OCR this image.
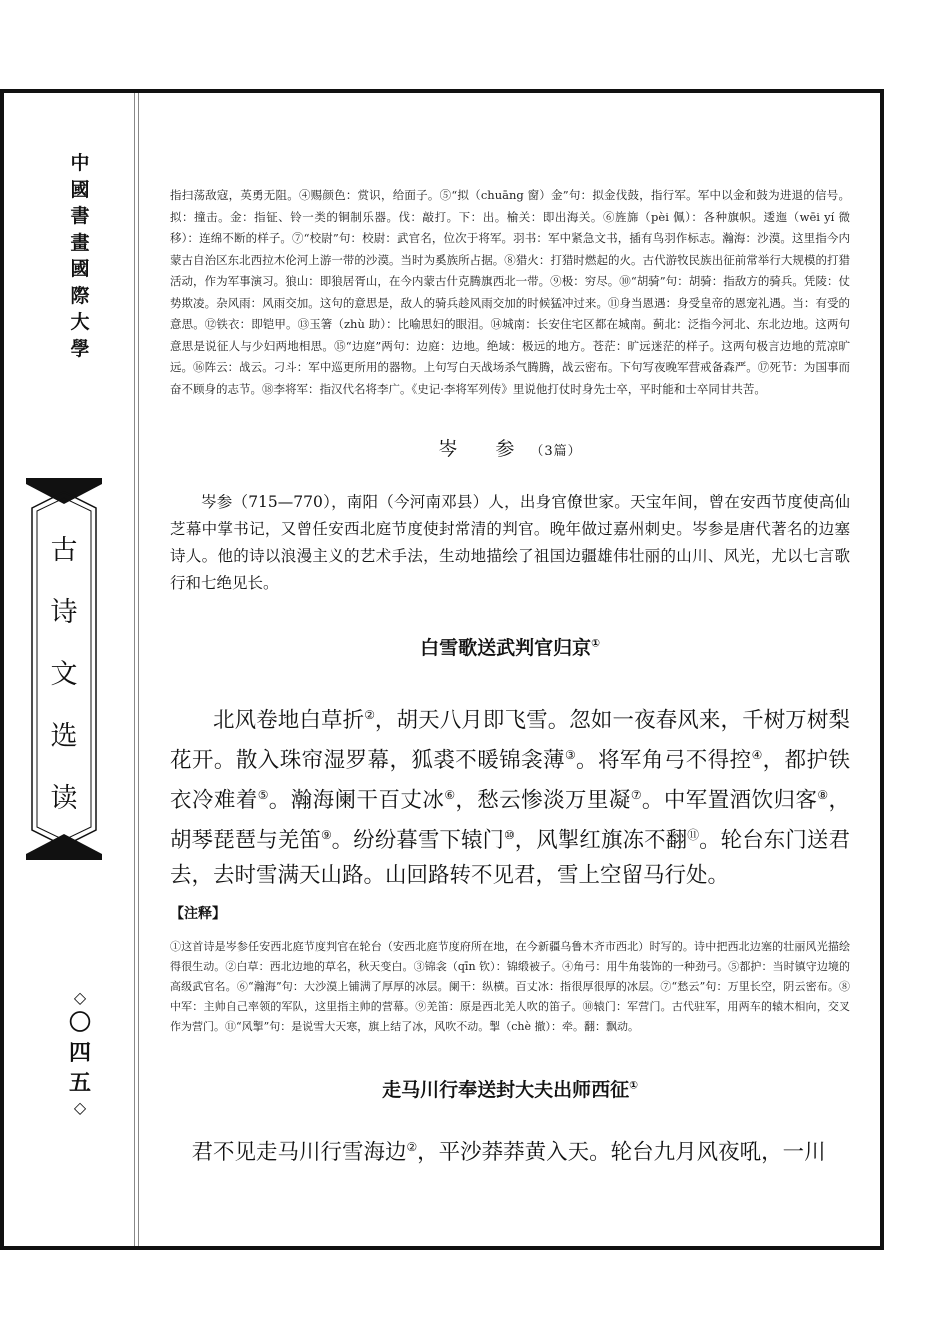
中
國
書
畫
國
際
大
學
古
诗
文
选
读
◇
〇
四
五
◇

指扫荡敌寇，英勇无阻。④赐颜色：赏识，给面子。⑤“拟（chuāng 窗）金”句：拟金伐鼓，指行军。军中以金和鼓为进退的信号。拟：撞击。金：指钲、铃一类的铜制乐器。伐：敲打。下：出。榆关：即出海关。⑥旌旆（pèi 佩）：各种旗帜。逶迤（wēi yí 微移）：连绵不断的样子。⑦“校尉”句：校尉：武官名，位次于将军。羽书：军中紧急文书，插有鸟羽作标志。瀚海：沙漠。这里指今内蒙古自治区东北西拉木伦河上游一带的沙漠。当时为奚族所占据。⑧猎火：打猎时燃起的火。古代游牧民族出征前常举行大规模的打猎活动，作为军事演习。狼山：即狼居胥山，在今内蒙古什克腾旗西北一带。⑨极：穷尽。⑩“胡骑”句：胡骑：指敌方的骑兵。凭陵：仗势欺凌。杂风雨：风雨交加。这句的意思是，敌人的骑兵趁风雨交加的时候猛冲过来。⑪身当恩遇：身受皇帝的恩宠礼遇。当：有受的意思。⑫铁衣：即铠甲。⑬玉箸（zhù 助）：比喻思妇的眼泪。⑭城南：长安住宅区都在城南。蓟北：泛指今河北、东北边地。这两句意思是说征人与少妇两地相思。⑮“边庭”两句：边庭：边地。绝域：极远的地方。苍茫：旷远迷茫的样子。这两句极言边地的荒凉旷远。⑯阵云：战云。刁斗：军中巡更所用的器物。上句写白天战场杀气腾腾，战云密布。下句写夜晚军营戒备森严。⑰死节：为国事而奋不顾身的志节。⑱李将军：指汉代名将李广。《史记·李将军列传》里说他打仗时身先士卒，平时能和士卒同甘共苦。

岑 参（3篇）
岑参（715—770），南阳（今河南邓县）人，出身官僚世家。天宝年间，曾在安西节度使高仙芝幕中掌书记，又曾任安西北庭节度使封常清的判官。晚年做过嘉州刺史。岑参是唐代著名的边塞诗人。他的诗以浪漫主义的艺术手法，生动地描绘了祖国边疆雄伟壮丽的山川、风光，尤以七言歌行和七绝见长。
白雪歌送武判官归京①
北风卷地白草折②，胡天八月即飞雪。忽如一夜春风来，千树万树梨花开。散入珠帘湿罗幕，狐裘不暖锦衾薄③。将军角弓不得控④，都护铁衣冷难着⑤。瀚海阑干百丈冰⑥，愁云惨淡万里凝⑦。中军置酒饮归客⑧，胡琴琵琶与羌笛⑨。纷纷暮雪下辕门⑩，风掣红旗冻不翻⑪。轮台东门送君去，去时雪满天山路。山回路转不见君，雪上空留马行处。
【注释】
①这首诗是岑参任安西北庭节度判官在轮台（安西北庭节度府所在地，在今新疆乌鲁木齐市西北）时写的。诗中把西北边塞的壮丽风光描绘得很生动。②白草：西北边地的草名，秋天变白。③锦衾（qīn 钦）：锦缎被子。④角弓：用牛角装饰的一种劲弓。⑤都护：当时镇守边境的高级武官名。⑥“瀚海”句：大沙漠上铺满了厚厚的冰层。阑干：纵横。百丈冰：指很厚很厚的冰层。⑦“愁云”句：万里长空，阴云密布。⑧中军：主帅自己率领的军队，这里指主帅的营幕。⑨羌笛：原是西北羌人吹的笛子。⑩辕门：军营门。古代驻军，用两车的辕木相向，交叉作为营门。⑪“风掣”句：是说雪大天寒，旗上结了冰，风吹不动。掣（chè 撤）：牵。翻：飘动。
走马川行奉送封大夫出师西征①
君不见走马川行雪海边②，平沙莽莽黄入天。轮台九月风夜吼，一川
